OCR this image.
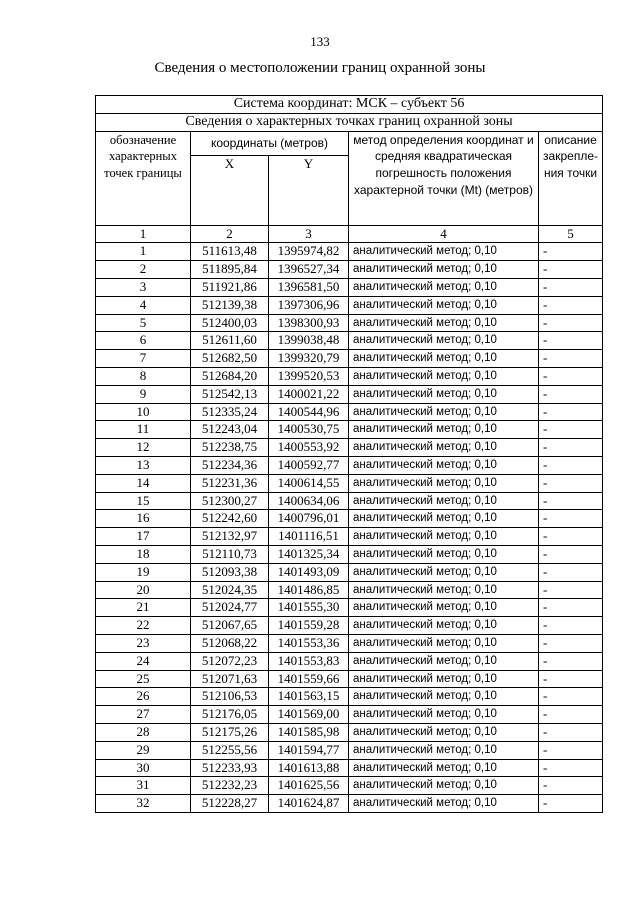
133
Сведения о местоположении границ охранной зоны
Система координат: МСК – субъект 56				
Сведения о характерных точках границ охранной зоны				
обозначение характерных точек границы	координаты (метров)		метод определения координат и средняя квадратическая погрешность положения характерной точки (Mt) (метров)	описание закрепле-ния точки
	X	Y		
1	2	3	4	5
1	511613,48	1395974,82	аналитический метод; 0,10	-
2	511895,84	1396527,34	аналитический метод; 0,10	-
3	511921,86	1396581,50	аналитический метод; 0,10	-
4	512139,38	1397306,96	аналитический метод; 0,10	-
5	512400,03	1398300,93	аналитический метод; 0,10	-
6	512611,60	1399038,48	аналитический метод; 0,10	-
7	512682,50	1399320,79	аналитический метод; 0,10	-
8	512684,20	1399520,53	аналитический метод; 0,10	-
9	512542,13	1400021,22	аналитический метод; 0,10	-
10	512335,24	1400544,96	аналитический метод; 0,10	-
11	512243,04	1400530,75	аналитический метод; 0,10	-
12	512238,75	1400553,92	аналитический метод; 0,10	-
13	512234,36	1400592,77	аналитический метод; 0,10	-
14	512231,36	1400614,55	аналитический метод; 0,10	-
15	512300,27	1400634,06	аналитический метод; 0,10	-
16	512242,60	1400796,01	аналитический метод; 0,10	-
17	512132,97	1401116,51	аналитический метод; 0,10	-
18	512110,73	1401325,34	аналитический метод; 0,10	-
19	512093,38	1401493,09	аналитический метод; 0,10	-
20	512024,35	1401486,85	аналитический метод; 0,10	-
21	512024,77	1401555,30	аналитический метод; 0,10	-
22	512067,65	1401559,28	аналитический метод; 0,10	-
23	512068,22	1401553,36	аналитический метод; 0,10	-
24	512072,23	1401553,83	аналитический метод; 0,10	-
25	512071,63	1401559,66	аналитический метод; 0,10	-
26	512106,53	1401563,15	аналитический метод; 0,10	-
27	512176,05	1401569,00	аналитический метод; 0,10	-
28	512175,26	1401585,98	аналитический метод; 0,10	-
29	512255,56	1401594,77	аналитический метод; 0,10	-
30	512233,93	1401613,88	аналитический метод; 0,10	-
31	512232,23	1401625,56	аналитический метод; 0,10	-
32	512228,27	1401624,87	аналитический метод; 0,10	-
